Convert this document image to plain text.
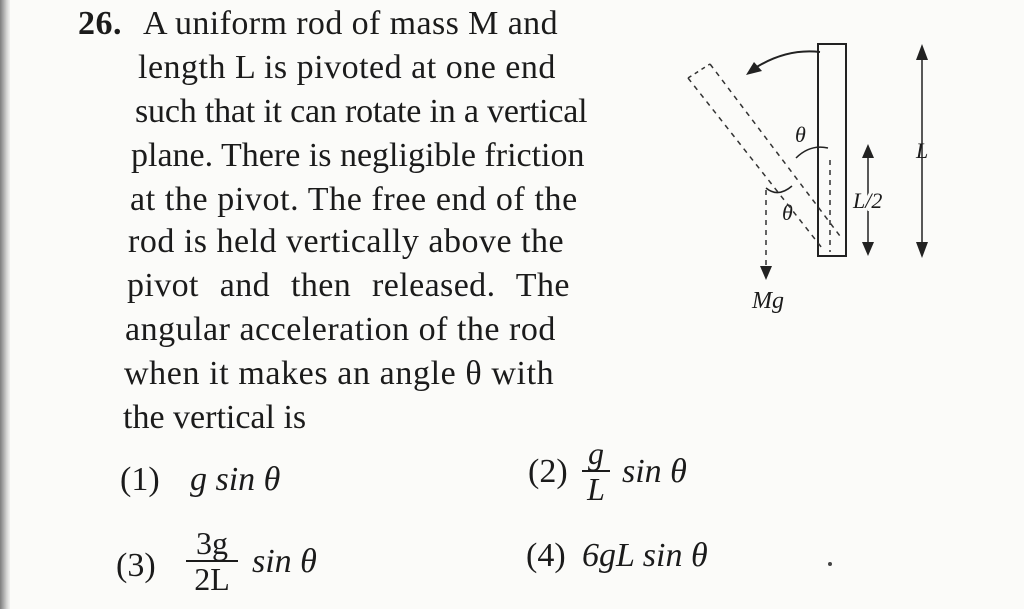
26. A uniform rod of mass M and
length L is pivoted at one end
such that it can rotate in a vertical
plane. There is negligible friction
at the pivot. The free end of the
rod is held vertically above the
pivot and then released. The
angular acceleration of the rod
when it makes an angle θ with
the vertical is
θ
θ
Mg
L/2
L
(1) g sin θ	(2) g
L sin θ
(3)
3g
2L sin θ	(4) 6gL sin θ
